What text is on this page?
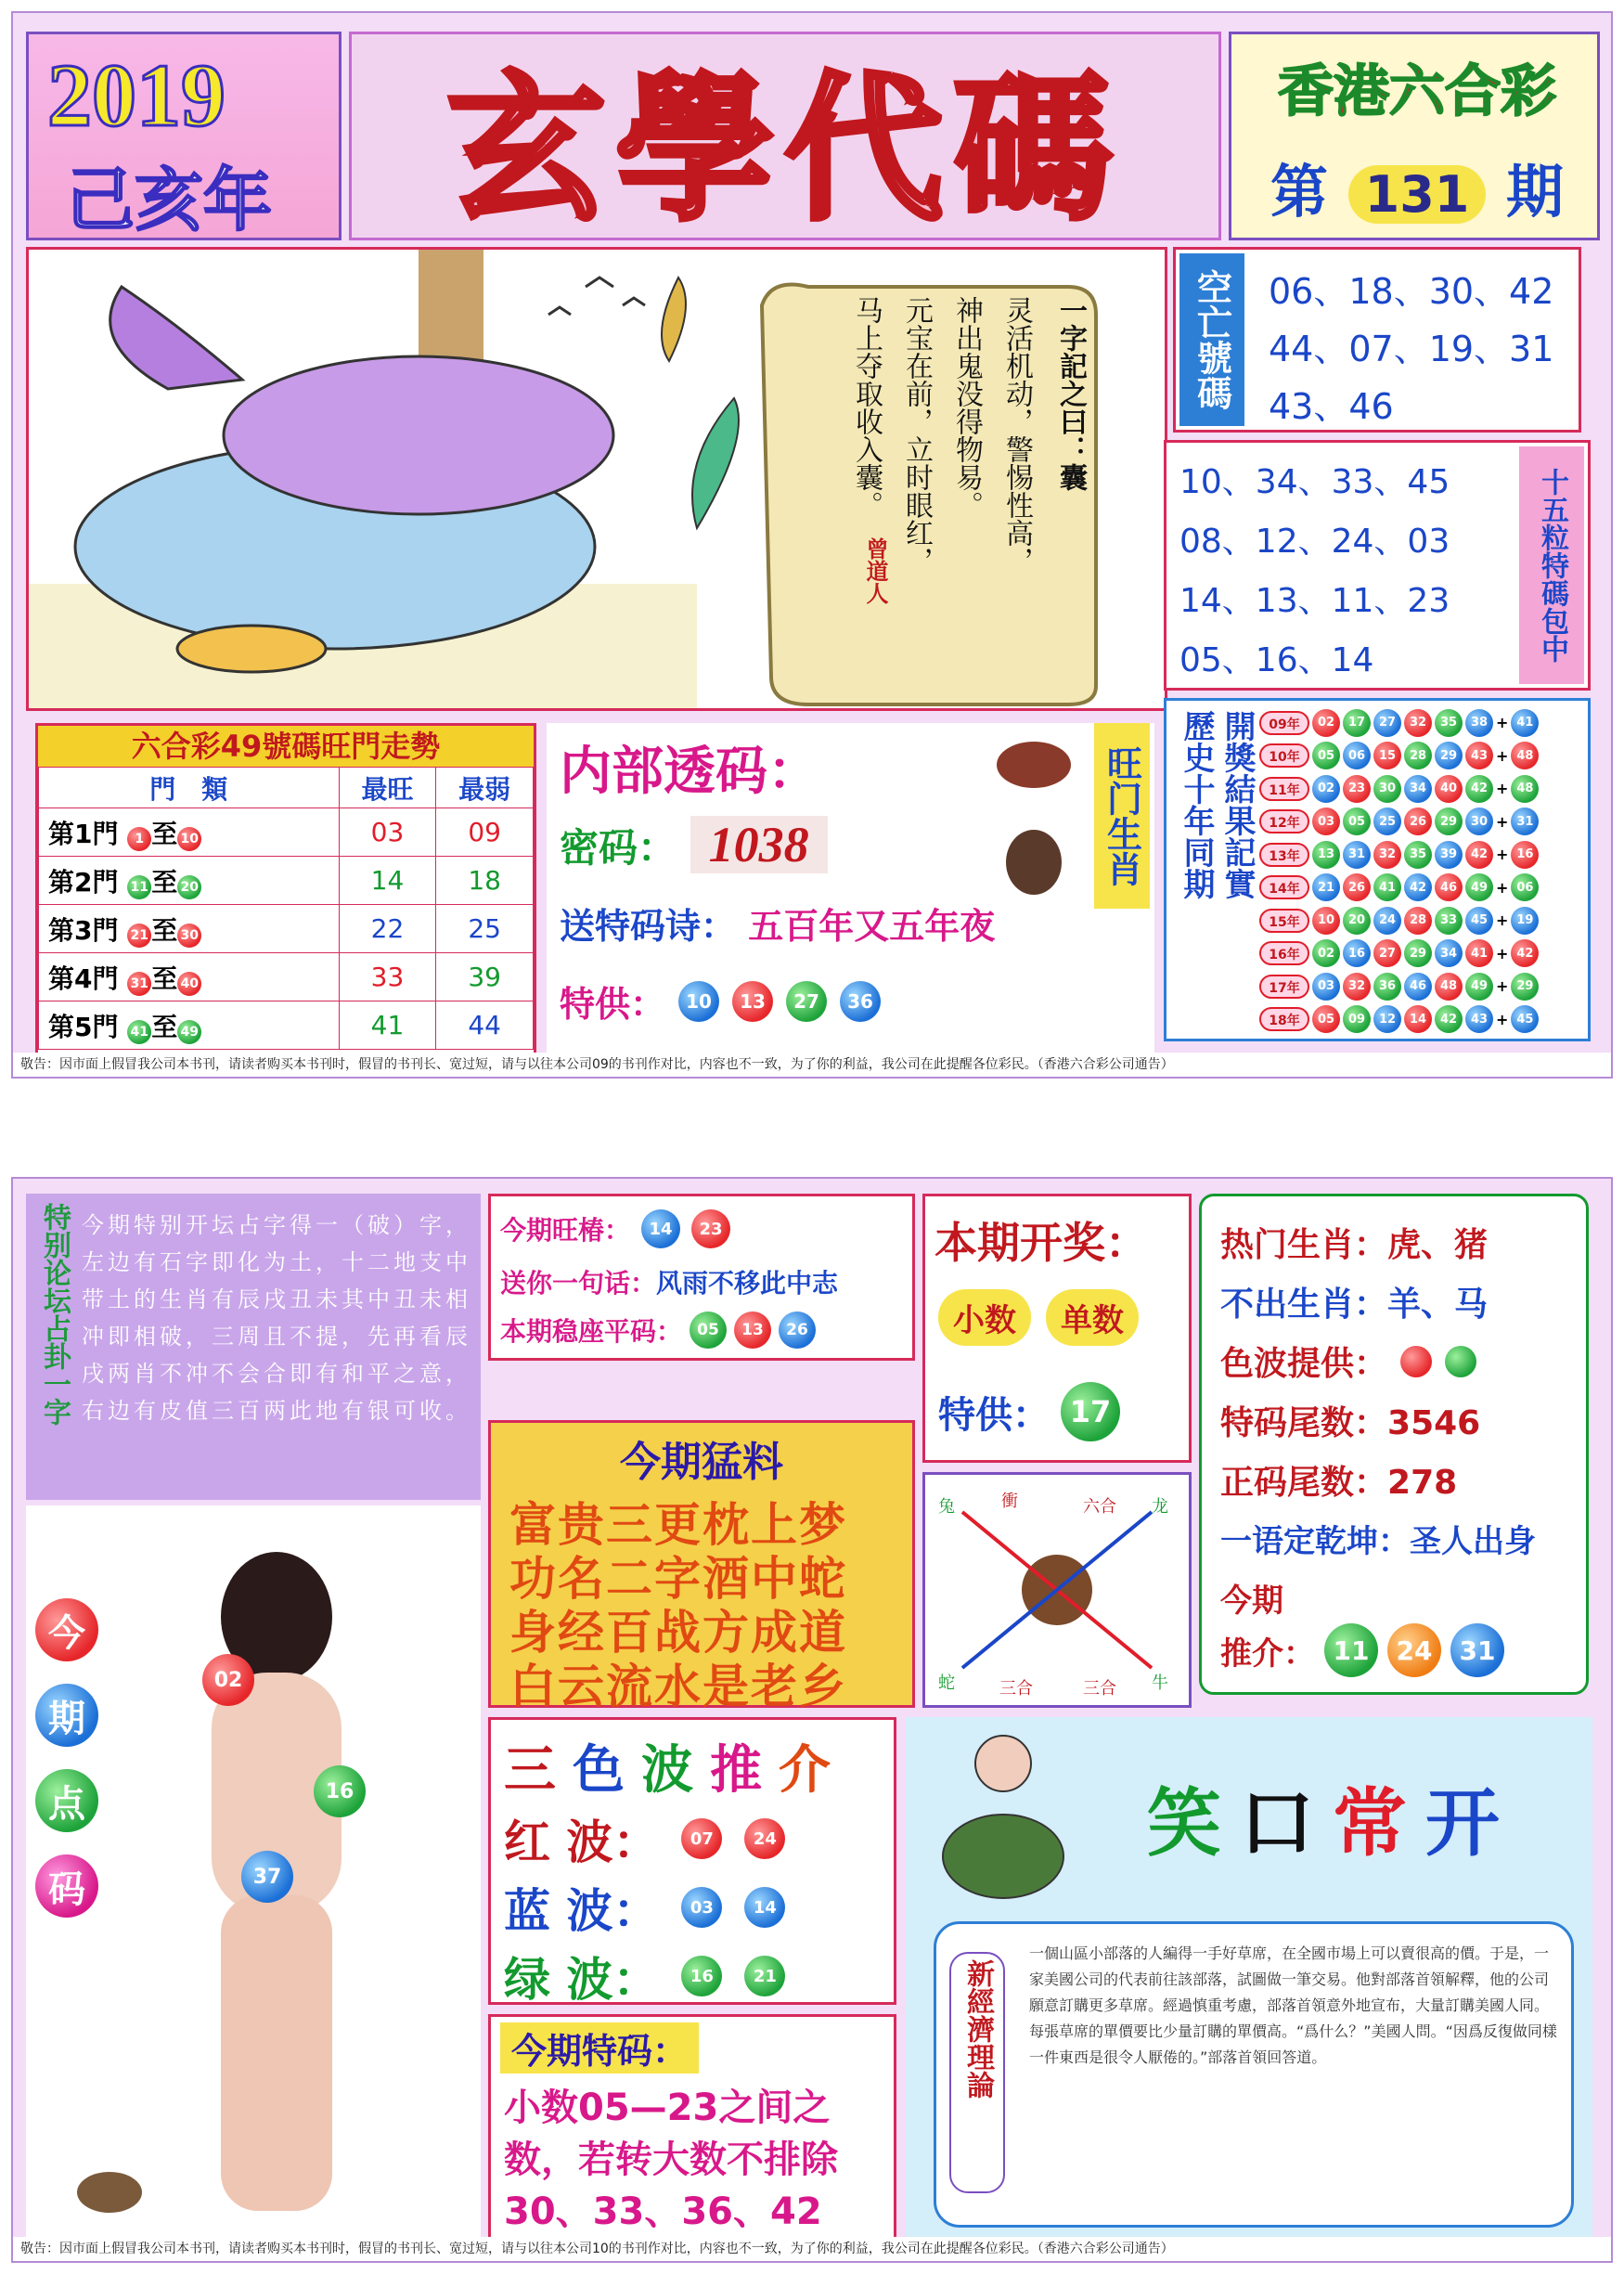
2019
己亥年 玄學代碼	香港六合彩
第 131 期
一字記之曰：囊
灵活机动，警惕性高，
神出鬼没得物易。
元宝在前，立时眼红，
马上夺取收入囊。
曾道人
空亡號碼	06、18、30、42
44、07、19、31
43、46
10、34、33、45
08、12、24、03
14、13、11、23
05、16、14	十五粒特碼包中
六合彩49號碼旺門走勢
門　類	最旺	最弱
第1門 1 至 10	03	09
第2門 11 至 20	14	18
第3門 21 至 30	22	25
第4門 31 至 40	33	39
第5門 41 至 49	41	44
内部透码：
密码： 1038
送特码诗： 五百年又五年夜
特供：	10	13	27	36
旺门生肖 歷史十年同期 開獎結果記實	09年	02	17	27	32	35	38 + 41
10年	05	06	15	28	29	43 + 48
11年	02	23	30	34	40	42 + 48
12年	03	05	25	26	29	30 + 31
13年	13	31	32	35	39	42 + 16
14年	21	26	41	42	46	49 + 06
15年	10	20	24	28	33	45 + 19
16年	02	16	27	29	34	41 + 42
17年	03	32	36	46	48	49 + 29
18年	05	09	12	14	42	43 + 45
敬告：因市面上假冒我公司本书刊，请读者购买本书刊时，假冒的书刊长、宽过短，请与以往本公司09的书刊作对比，内容也不一致，为了你的利益，我公司在此提醒各位彩民。（香港六合彩公司通告）
特别论坛占卦一字 今期特别开坛占字得一（破）字，左边有石字即化为土，十二地支中带土的生肖有辰戌丑未其中丑未相冲即相破，三周且不提，先再看辰戌两肖不冲不会合即有和平之意，右边有皮值三百两此地有银可收。
今
期
点
码
02
16
37
今期旺椿：	14	23
送你一句话：风雨不移此中志
本期稳座平码： 05	13	26
本期开奖：
小数	单数
特供： 17
热门生肖：虎、猪
不出生肖：羊、马
色波提供：
特码尾数：3546
正码尾数：278
一语定乾坤：圣人出身
今期
推介： 11	24	31
今期猛料
富贵三更枕上梦
功名二字酒中蛇
身经百战方成道
白云流水是老乡
兔	衝	六合 龙
蛇	三合	三合 牛
三 色 波 推 介
红 波：	07	24
蓝 波：	03	14
绿 波：	16	21
今期特码：
小数05—23之间之数，若转大数不排除30、33、36、42
笑 口 常 开
新經濟理論
一個山區小部落的人編得一手好草席，在全國市場上可以賣很高的價。于是，一家美國公司的代表前往該部落，試圖做一筆交易。他對部落首領解釋，他的公司願意訂購更多草席。經過慎重考慮，部落首領意外地宣布，大量訂購美國人同。每張草席的單價要比少量訂購的單價高。“爲什么？”美國人問。“因爲反復做同樣一件東西是很令人厭倦的。”部落首領回答道。
敬告：因市面上假冒我公司本书刊，请读者购买本书刊时，假冒的书刊长、宽过短，请与以往本公司10的书刊作对比，内容也不一致，为了你的利益，我公司在此提醒各位彩民。（香港六合彩公司通告）
